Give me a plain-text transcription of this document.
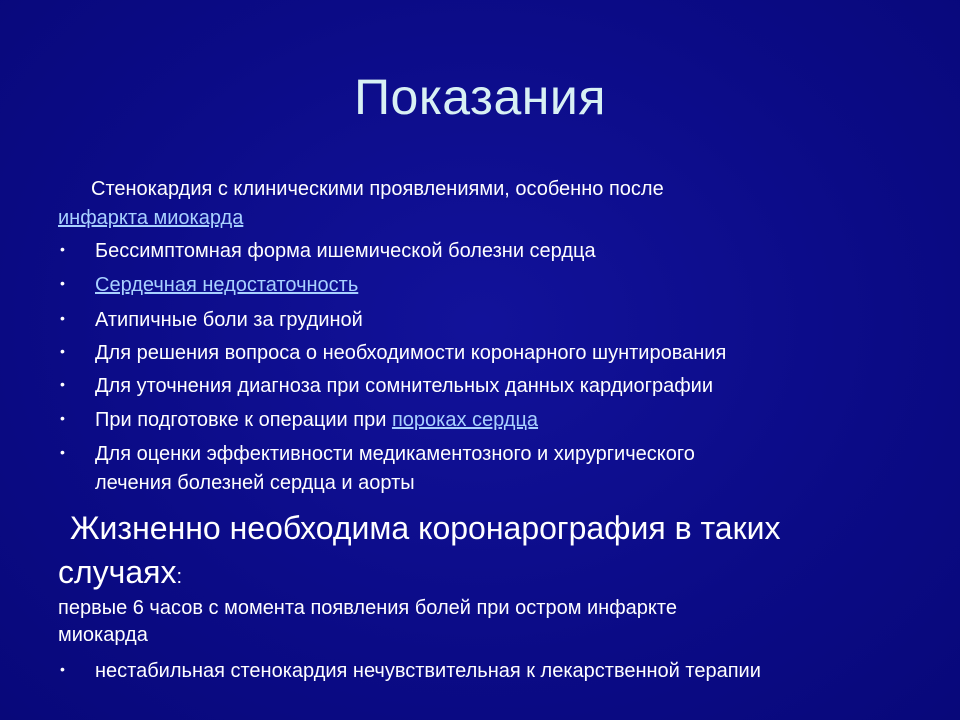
Показания
Стенокардия с клиническими проявлениями, особенно после
инфаркта миокарда
• Бессимптомная форма ишемической болезни сердца
• Сердечная недостаточность
• Атипичные боли за грудиной
• Для решения вопроса о необходимости коронарного шунтирования
• Для уточнения диагноза при сомнительных данных кардиографии
• При подготовке к операции при пороках сердца
• Для оценки эффективности медикаментозного и хирургического
лечения болезней сердца и аорты
Жизненно необходима коронарография в таких
случаях:
первые 6 часов с момента появления болей при остром инфаркте
миокарда
• нестабильная стенокардия нечувствительная к лекарственной терапии
